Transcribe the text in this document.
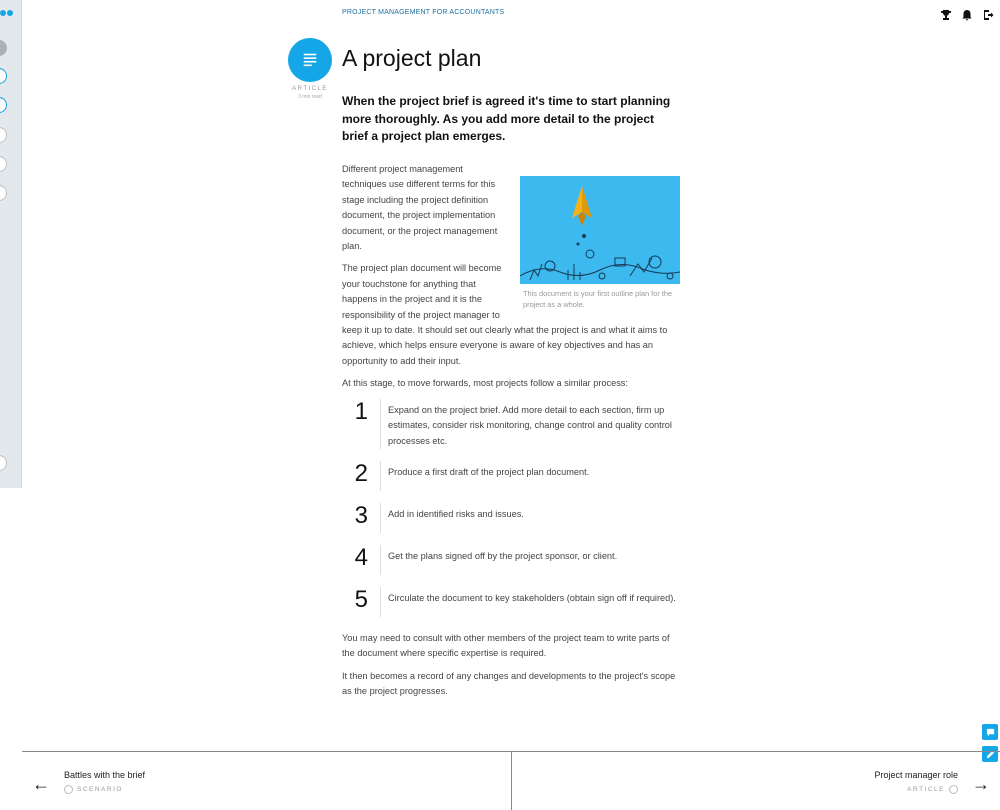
PROJECT MANAGEMENT FOR ACCOUNTANTS
ARTICLE
3 min read
A project plan
When the project brief is agreed it's time to start planning more thoroughly. As you add more detail to the project brief a project plan emerges.
This document is your first outline plan for the project as a whole.

Different project management techniques use different terms for this stage including the project definition document, the project implementation document, or the project management plan.

The project plan document will become your touchstone for anything that happens in the project and it is the responsibility of the project manager to keep it up to date. It should set out clearly what the project is and what it aims to achieve, which helps ensure everyone is aware of key objectives and has an opportunity to add their input.

At this stage, to move forwards, most projects follow a similar process:

1	Expand on the project brief. Add more detail to each section, firm up estimates, consider risk monitoring, change control and quality control processes etc.
2	Produce a first draft of the project plan document.
3	Add in identified risks and issues.
4	Get the plans signed off by the project sponsor, or client.
5	Circulate the document to key stakeholders (obtain sign off if required).

You may need to consult with other members of the project team to write parts of the document where specific expertise is required.

It then becomes a record of any changes and developments to the project's scope as the project progresses.

← Battles with the brief
SCENARIO
Project manager role
ARTICLE →
